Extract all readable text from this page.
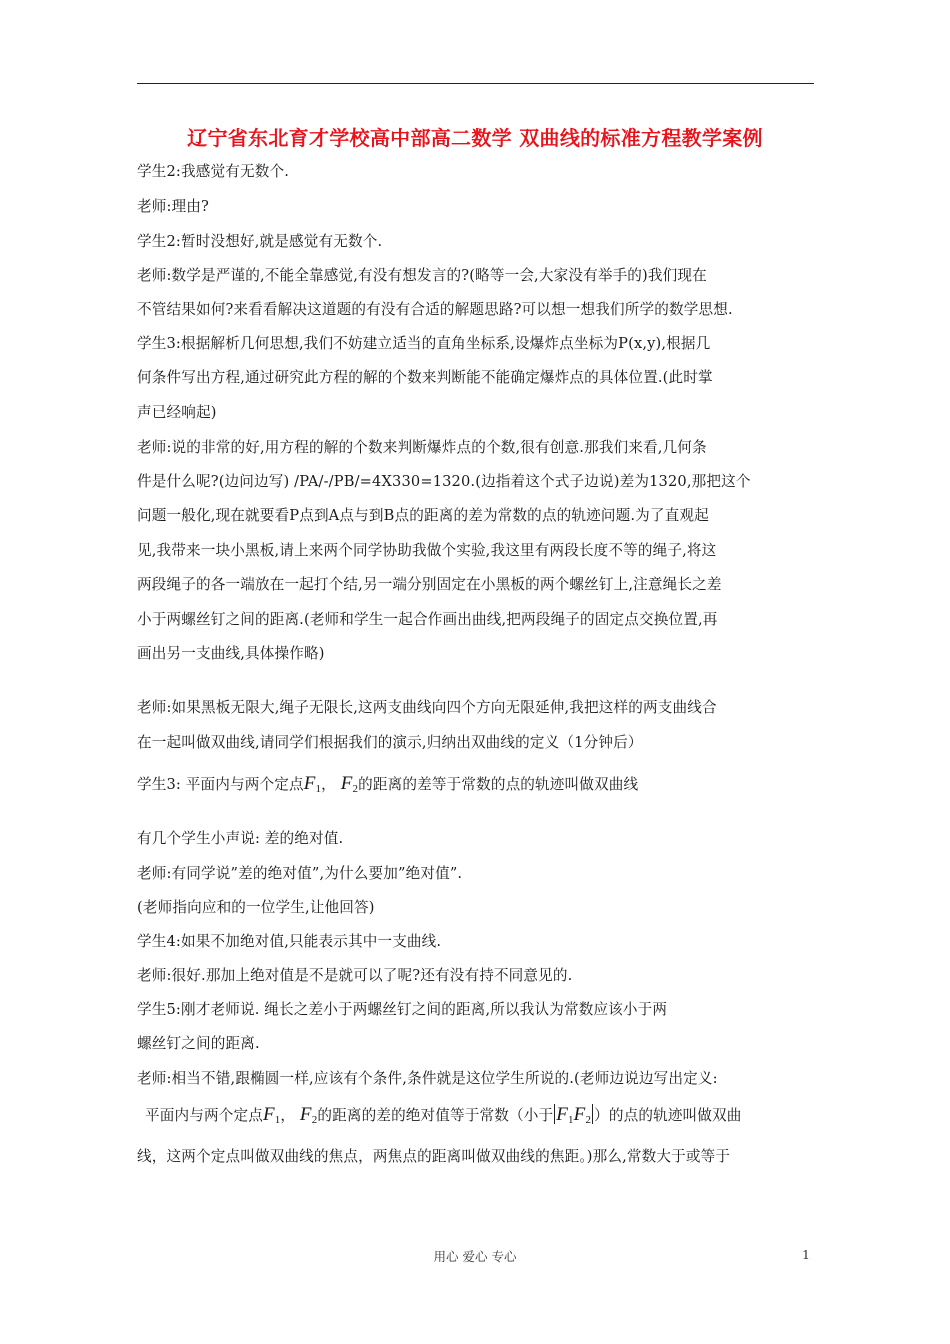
辽宁省东北育才学校高中部高二数学 双曲线的标准方程教学案例
学生2:我感觉有无数个.
老师:理由?
学生2:暂时没想好,就是感觉有无数个.
老师:数学是严谨的,不能全靠感觉,有没有想发言的?(略等一会,大家没有举手的)我们现在
不管结果如何?来看看解决这道题的有没有合适的解题思路?可以想一想我们所学的数学思想.
学生3:根据解析几何思想,我们不妨建立适当的直角坐标系,设爆炸点坐标为P(x,y),根据几
何条件写出方程,通过研究此方程的解的个数来判断能不能确定爆炸点的具体位置.(此时掌
声已经响起)
老师:说的非常的好,用方程的解的个数来判断爆炸点的个数,很有创意.那我们来看,几何条
件是什么呢?(边问边写) /PA/-/PB/=4X330=1320.(边指着这个式子边说)差为1320,那把这个
问题一般化,现在就要看P点到A点与到B点的距离的差为常数的点的轨迹问题.为了直观起
见,我带来一块小黑板,请上来两个同学协助我做个实验,我这里有两段长度不等的绳子,将这
两段绳子的各一端放在一起打个结,另一端分别固定在小黑板的两个螺丝钉上,注意绳长之差
小于两螺丝钉之间的距离.(老师和学生一起合作画出曲线,把两段绳子的固定点交换位置,再
画出另一支曲线,具体操作略)
老师:如果黑板无限大,绳子无限长,这两支曲线向四个方向无限延伸,我把这样的两支曲线合
在一起叫做双曲线,请同学们根据我们的演示,归纳出双曲线的定义（1分钟后）
学生3: 平面内与两个定点$F_1$， $F_2$的距离的差等于常数的点的轨迹叫做双曲线
有几个学生小声说: 差的绝对值.
老师:有同学说”差的绝对值”,为什么要加”绝对值”.
(老师指向应和的一位学生,让他回答)
学生4:如果不加绝对值,只能表示其中一支曲线.
老师:很好.那加上绝对值是不是就可以了呢?还有没有持不同意见的.
学生5:刚才老师说. 绳长之差小于两螺丝钉之间的距离,所以我认为常数应该小于两
螺丝钉之间的距离.
老师:相当不错,跟椭圆一样,应该有个条件,条件就是这位学生所说的.(老师边说边写出定义:
平面内与两个定点$F_1$， $F_2$的距离的差的绝对值等于常数（小于 $F_1F_2$ ）的点的轨迹叫做双曲
线，这两个定点叫做双曲线的焦点，两焦点的距离叫做双曲线的焦距。)那么,常数大于或等于
用心 爱心 专心	1
